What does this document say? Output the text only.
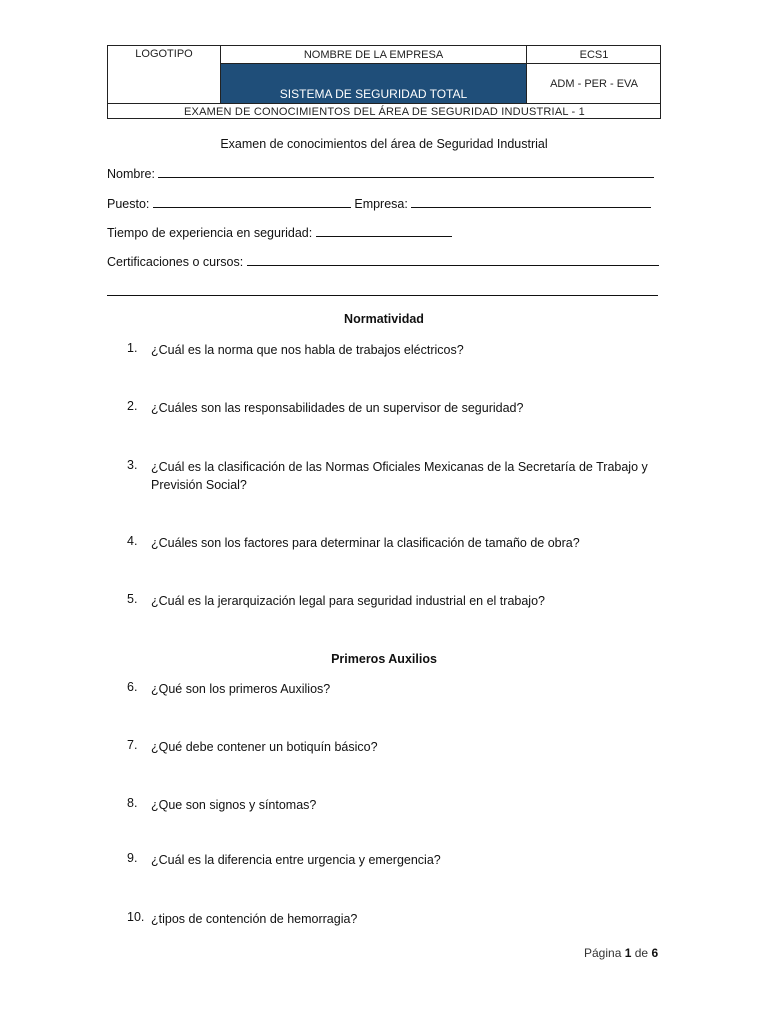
LOGOTIPO	NOMBRE DE LA EMPRESA
SISTEMA DE SEGURIDAD TOTAL
ECS1
ADM - PER - EVA
EXAMEN DE CONOCIMIENTOS DEL ÁREA DE SEGURIDAD INDUSTRIAL - 1
Examen de conocimientos del área de Seguridad Industrial
Nombre:
Puesto:	Empresa:
Tiempo de experiencia en seguridad:
Certificaciones o cursos:
Normatividad
1. ¿Cuál es la norma que nos habla de trabajos eléctricos?
2. ¿Cuáles son las responsabilidades de un supervisor de seguridad?
3. ¿Cuál es la clasificación de las Normas Oficiales Mexicanas de la Secretaría de Trabajo y Previsión Social?
4. ¿Cuáles son los factores para determinar la clasificación de tamaño de obra?
5. ¿Cuál es la jerarquización legal para seguridad industrial en el trabajo?
Primeros Auxilios
6. ¿Qué son los primeros Auxilios?
7. ¿Qué debe contener un botiquín básico?
8. ¿Que son signos y síntomas?
9. ¿Cuál es la diferencia entre urgencia y emergencia?
10. ¿tipos de contención de hemorragia?
Página 1 de 6
